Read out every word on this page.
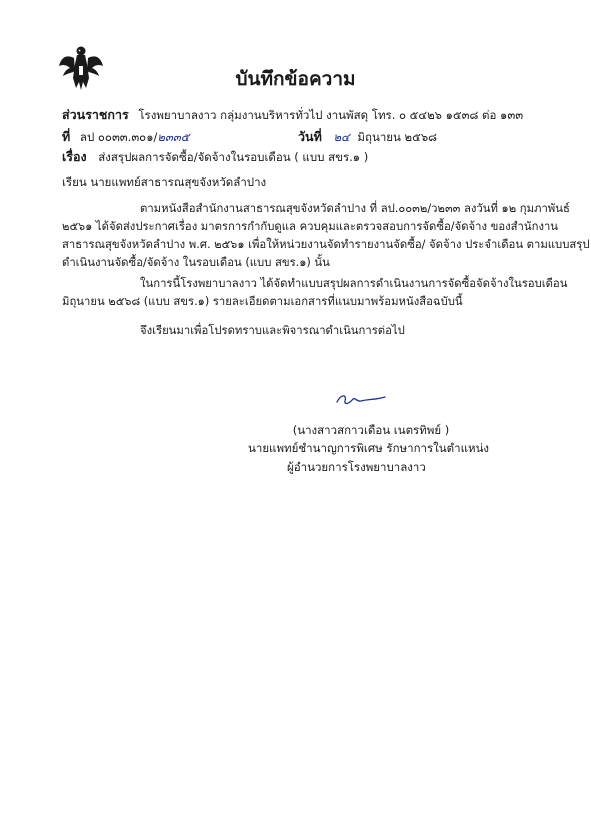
บันทึกข้อความ
ส่วนราชการ โรงพยาบาลงาว กลุ่มงานบริหารทั่วไป งานพัสดุ โทร. ๐ ๕๔๒๖ ๑๕๓๘ ต่อ ๑๓๓
ที่ ลป ๐๐๓๓.๓๐๑/๒๓๓๕	วันที่ ๒๔ มิถุนายน ๒๕๖๘
เรื่อง ส่งสรุปผลการจัดซื้อ/จัดจ้างในรอบเดือน ( แบบ สขร.๑ )
เรียน นายแพทย์สาธารณสุขจังหวัดลำปาง
ตามหนังสือสำนักงานสาธารณสุขจังหวัดลำปาง ที่ ลป.๐๐๓๒/ว๒๓๓ ลงวันที่ ๑๒ กุมภาพันธ์
๒๕๖๑ ได้จัดส่งประกาศเรื่อง มาตรการกำกับดูแล ควบคุมและตรวจสอบการจัดซื้อ/จัดจ้าง ของสำนักงาน
สาธารณสุขจังหวัดลำปาง พ.ศ. ๒๕๖๑ เพื่อให้หน่วยงานจัดทำรายงานจัดซื้อ/ จัดจ้าง ประจำเดือน ตามแบบสรุป
ดำเนินงานจัดซื้อ/จัดจ้าง ในรอบเดือน (แบบ สขร.๑) นั้น
ในการนี้โรงพยาบาลงาว ได้จัดทำแบบสรุปผลการดำเนินงานการจัดซื้อจัดจ้างในรอบเดือน
มิถุนายน ๒๕๖๘ (แบบ สขร.๑) รายละเอียดตามเอกสารที่แนบมาพร้อมหนังสือฉบับนี้
จึงเรียนมาเพื่อโปรดทราบและพิจารณาดำเนินการต่อไป
(นางสาวสกาวเดือน เนตรทิพย์ )
นายแพทย์ชำนาญการพิเศษ รักษาการในตำแหน่ง
ผู้อำนวยการโรงพยาบาลงาว
